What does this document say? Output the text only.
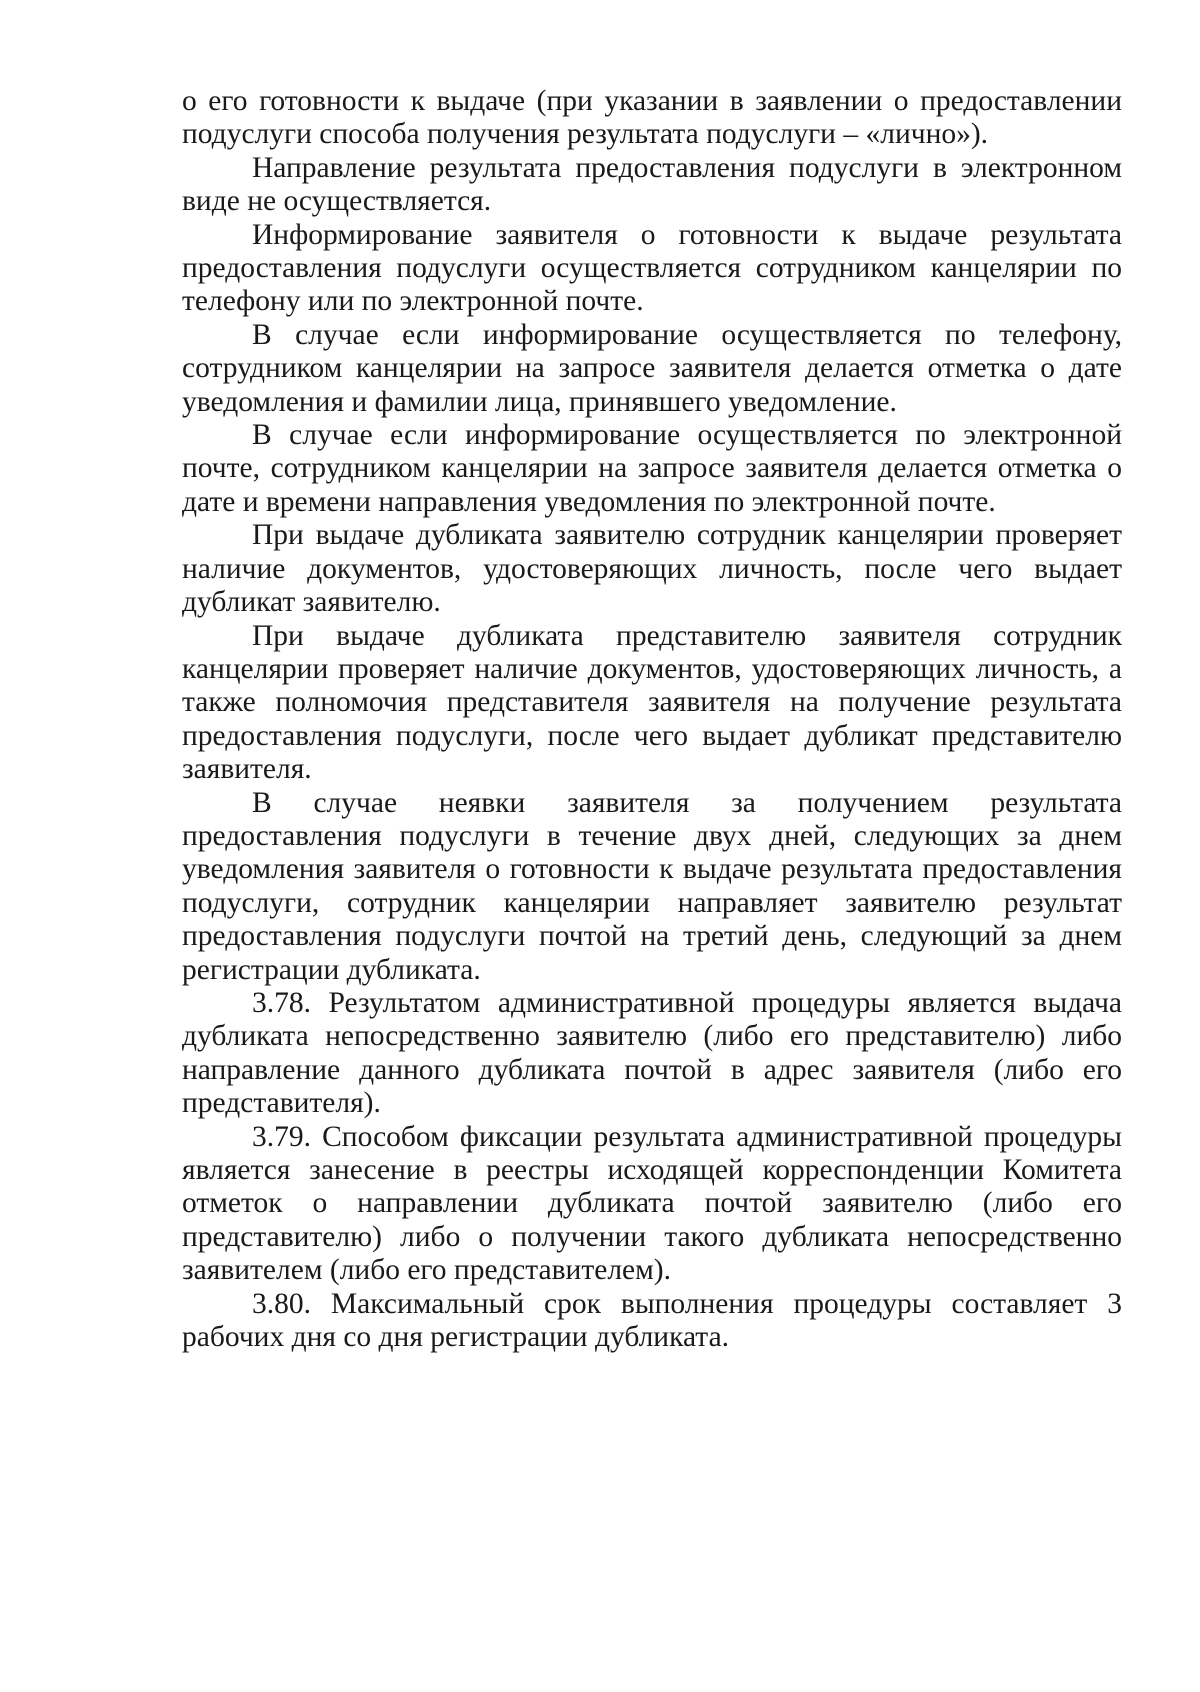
о его готовности к выдаче (при указании в заявлении о предоставлении подуслуги способа получения результата подуслуги – «лично»).

Направление результата предоставления подуслуги в электронном виде не осуществляется.

Информирование заявителя о готовности к выдаче результата предоставления подуслуги осуществляется сотрудником канцелярии по телефону или по электронной почте.

В случае если информирование осуществляется по телефону, сотрудником канцелярии на запросе заявителя делается отметка о дате уведомления и фамилии лица, принявшего уведомление.

В случае если информирование осуществляется по электронной почте, сотрудником канцелярии на запросе заявителя делается отметка о дате и времени направления уведомления по электронной почте.

При выдаче дубликата заявителю сотрудник канцелярии проверяет наличие документов, удостоверяющих личность, после чего выдает дубликат заявителю.

При выдаче дубликата представителю заявителя сотрудник канцелярии проверяет наличие документов, удостоверяющих личность, а также полномочия представителя заявителя на получение результата предоставления подуслуги, после чего выдает дубликат представителю заявителя.

В случае неявки заявителя за получением результата предоставления подуслуги в течение двух дней, следующих за днем уведомления заявителя о готовности к выдаче результата предоставления подуслуги, сотрудник канцелярии направляет заявителю результат предоставления подуслуги почтой на третий день, следующий за днем регистрации дубликата.

3.78. Результатом административной процедуры является выдача дубликата непосредственно заявителю (либо его представителю) либо направление данного дубликата почтой в адрес заявителя (либо его представителя).

3.79. Способом фиксации результата административной процедуры является занесение в реестры исходящей корреспонденции Комитета отметок о направлении дубликата почтой заявителю (либо его представителю) либо о получении такого дубликата непосредственно заявителем (либо его представителем).

3.80. Максимальный срок выполнения процедуры составляет 3 рабочих дня со дня регистрации дубликата.
